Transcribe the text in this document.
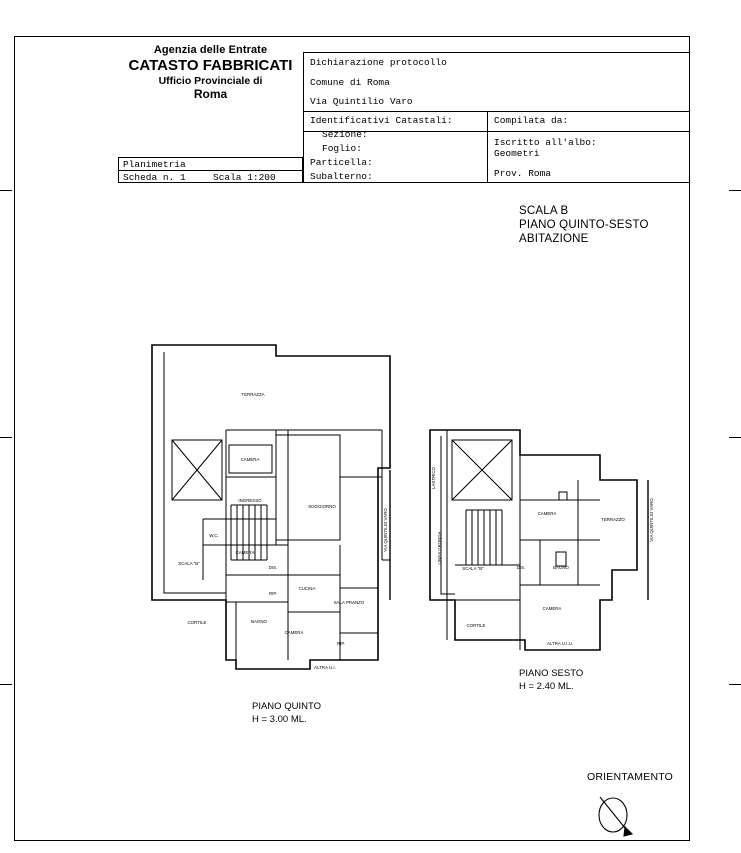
Agenzia delle Entrate
CATASTO FABBRICATI
Ufficio Provinciale di
Roma
Dichiarazione protocollo
Comune di Roma
Via Quintilio Varo
Identificativi Catastali:
Sezione:
Foglio:
Particella:
Subalterno:
Compilata da:
Iscritto all'albo:
Geometri
Prov. Roma
Planimetria
Scheda n. 1	Scala 1:200
SCALA B
PIANO QUINTO-SESTO
ABITAZIONE
TERRAZZA
CAMERA
INGRESSO
SOGGIORNO
W.C.
CAMERA
DIS.
SCALA "B"
CUCINA
SALA PRANZO
RIP.
BAGNO
CAMERA
RIP.
CORTILE
ALTRA U.I.
VIA QUINTILIO VARO
LASTRICO
CAMERA
TERRAZZO
LINEA GRONDA
SCALA "B"	DIS.	BAGNO
CAMERA
CORTILE
ALTRA U.I.U.
VIA QUINTILIO VARO
PIANO QUINTO
H = 3.00 ML.
PIANO SESTO
H = 2.40 ML.
ORIENTAMENTO
